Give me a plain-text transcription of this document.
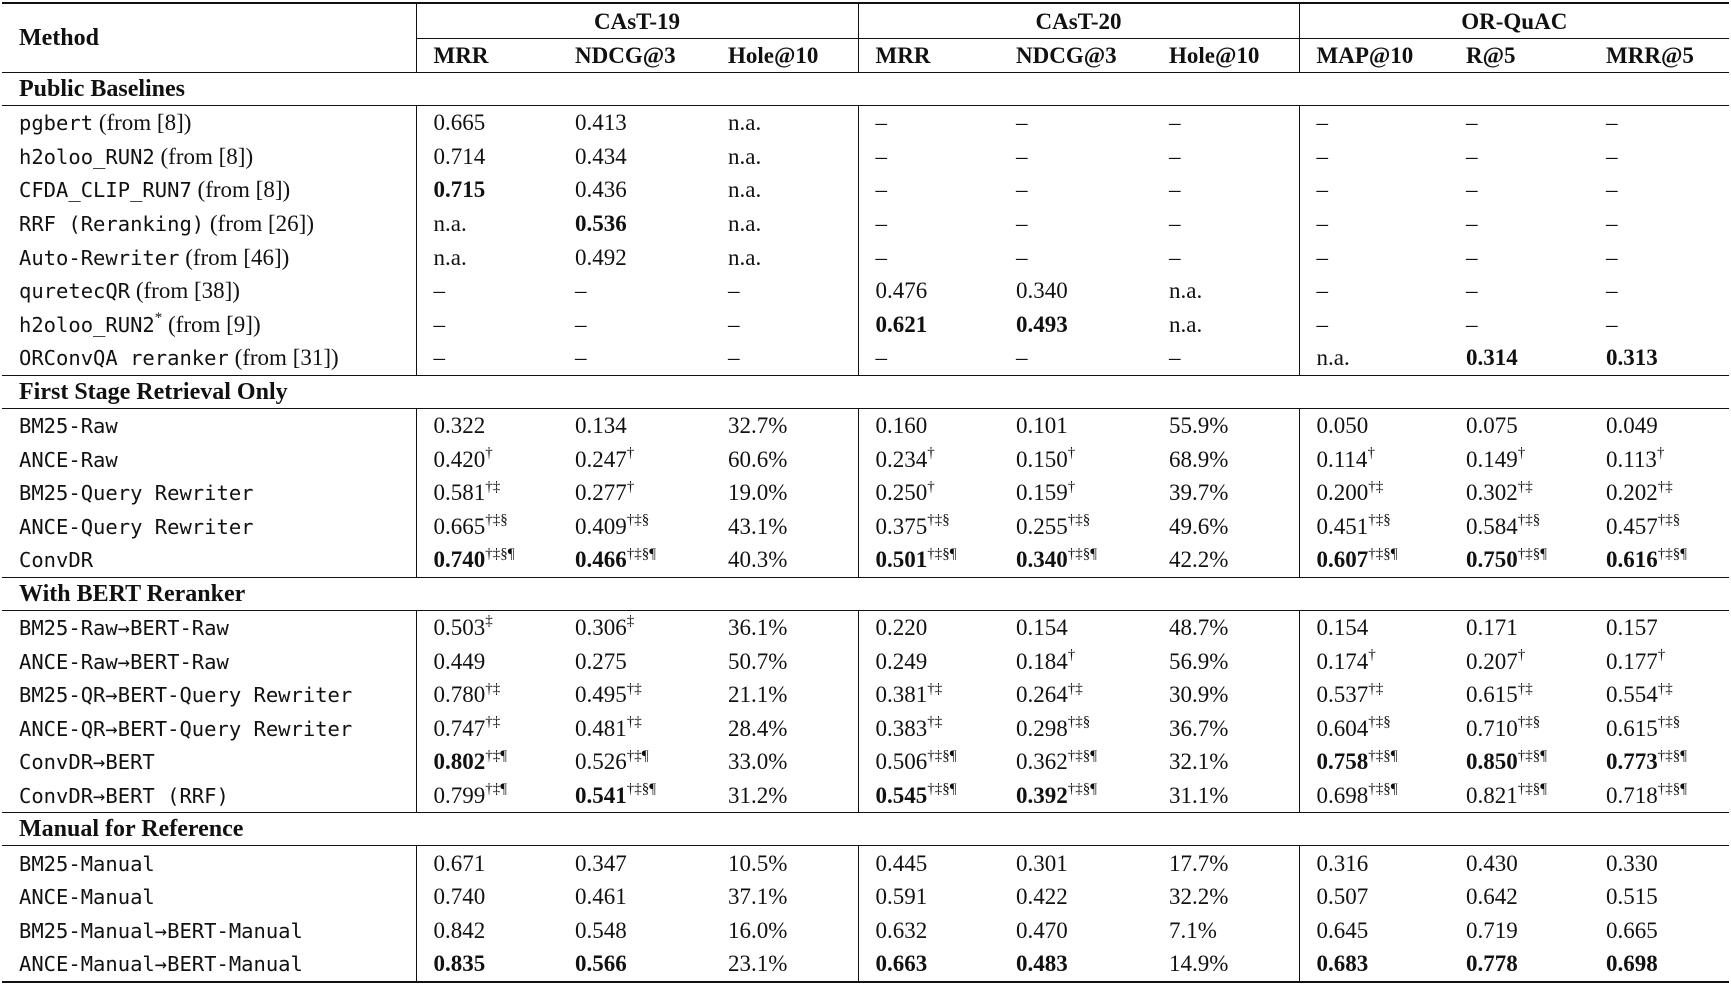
Method	CAsT-19			CAsT-20			OR-QuAC		
	MRR	NDCG@3	Hole@10	MRR	NDCG@3	Hole@10	MAP@10	R@5	MRR@5
Public Baselines									
pgbert (from [8])	0.665	0.413	n.a.	–	–	–	–	–	–
h2oloo_RUN2 (from [8])	0.714	0.434	n.a.	–	–	–	–	–	–
CFDA_CLIP_RUN7 (from [8])	0.715	0.436	n.a.	–	–	–	–	–	–
RRF (Reranking) (from [26])	n.a.	0.536	n.a.	–	–	–	–	–	–
Auto-Rewriter (from [46])	n.a.	0.492	n.a.	–	–	–	–	–	–
quretecQR (from [38])	–	–	–	0.476	0.340	n.a.	–	–	–
h2oloo_RUN2* (from [9])	–	–	–	0.621	0.493	n.a.	–	–	–
ORConvQA reranker (from [31])	–	–	–	–	–	–	n.a.	0.314	0.313
First Stage Retrieval Only									
BM25-Raw	0.322	0.134	32.7%	0.160	0.101	55.9%	0.050	0.075	0.049
ANCE-Raw	0.420†	0.247†	60.6%	0.234†	0.150†	68.9%	0.114†	0.149†	0.113†
BM25-Query Rewriter	0.581†‡	0.277†	19.0%	0.250†	0.159†	39.7%	0.200†‡	0.302†‡	0.202†‡
ANCE-Query Rewriter	0.665†‡§	0.409†‡§	43.1%	0.375†‡§	0.255†‡§	49.6%	0.451†‡§	0.584†‡§	0.457†‡§
ConvDR	0.740†‡§¶	0.466†‡§¶	40.3%	0.501†‡§¶	0.340†‡§¶	42.2%	0.607†‡§¶	0.750†‡§¶	0.616†‡§¶
With BERT Reranker									
BM25-Raw→BERT-Raw	0.503‡	0.306‡	36.1%	0.220	0.154	48.7%	0.154	0.171	0.157
ANCE-Raw→BERT-Raw	0.449	0.275	50.7%	0.249	0.184†	56.9%	0.174†	0.207†	0.177†
BM25-QR→BERT-Query Rewriter	0.780†‡	0.495†‡	21.1%	0.381†‡	0.264†‡	30.9%	0.537†‡	0.615†‡	0.554†‡
ANCE-QR→BERT-Query Rewriter	0.747†‡	0.481†‡	28.4%	0.383†‡	0.298†‡§	36.7%	0.604†‡§	0.710†‡§	0.615†‡§
ConvDR→BERT	0.802†‡¶	0.526†‡¶	33.0%	0.506†‡§¶	0.362†‡§¶	32.1%	0.758†‡§¶	0.850†‡§¶	0.773†‡§¶
ConvDR→BERT (RRF)	0.799†‡¶	0.541†‡§¶	31.2%	0.545†‡§¶	0.392†‡§¶	31.1%	0.698†‡§¶	0.821†‡§¶	0.718†‡§¶
Manual for Reference									
BM25-Manual	0.671	0.347	10.5%	0.445	0.301	17.7%	0.316	0.430	0.330
ANCE-Manual	0.740	0.461	37.1%	0.591	0.422	32.2%	0.507	0.642	0.515
BM25-Manual→BERT-Manual	0.842	0.548	16.0%	0.632	0.470	7.1%	0.645	0.719	0.665
ANCE-Manual→BERT-Manual	0.835	0.566	23.1%	0.663	0.483	14.9%	0.683	0.778	0.698
